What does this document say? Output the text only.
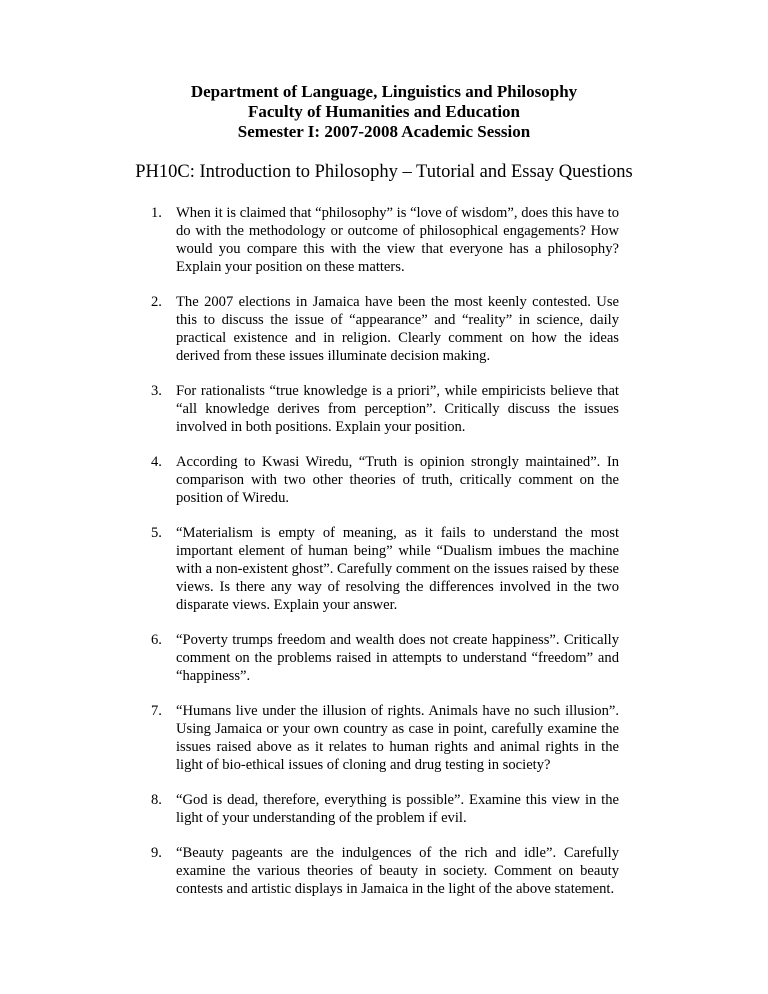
Department of Language, Linguistics and Philosophy
Faculty of Humanities and Education
Semester I: 2007-2008 Academic Session
PH10C: Introduction to Philosophy – Tutorial and Essay Questions
1. When it is claimed that “philosophy” is “love of wisdom”, does this have to do with the methodology or outcome of philosophical engagements? How would you compare this with the view that everyone has a philosophy? Explain your position on these matters.
2. The 2007 elections in Jamaica have been the most keenly contested. Use this to discuss the issue of “appearance” and “reality” in science, daily practical existence and in religion. Clearly comment on how the ideas derived from these issues illuminate decision making.
3. For rationalists “true knowledge is a priori”, while empiricists believe that “all knowledge derives from perception”. Critically discuss the issues involved in both positions. Explain your position.
4. According to Kwasi Wiredu, “Truth is opinion strongly maintained”. In comparison with two other theories of truth, critically comment on the position of Wiredu.
5. “Materialism is empty of meaning, as it fails to understand the most important element of human being” while “Dualism imbues the machine with a non-existent ghost”. Carefully comment on the issues raised by these views. Is there any way of resolving the differences involved in the two disparate views. Explain your answer.
6. “Poverty trumps freedom and wealth does not create happiness”. Critically comment on the problems raised in attempts to understand “freedom” and “happiness”.
7. “Humans live under the illusion of rights. Animals have no such illusion”. Using Jamaica or your own country as case in point, carefully examine the issues raised above as it relates to human rights and animal rights in the light of bio-ethical issues of cloning and drug testing in society?
8. “God is dead, therefore, everything is possible”. Examine this view in the light of your understanding of the problem if evil.
9. “Beauty pageants are the indulgences of the rich and idle”. Carefully examine the various theories of beauty in society. Comment on beauty contests and artistic displays in Jamaica in the light of the above statement.
